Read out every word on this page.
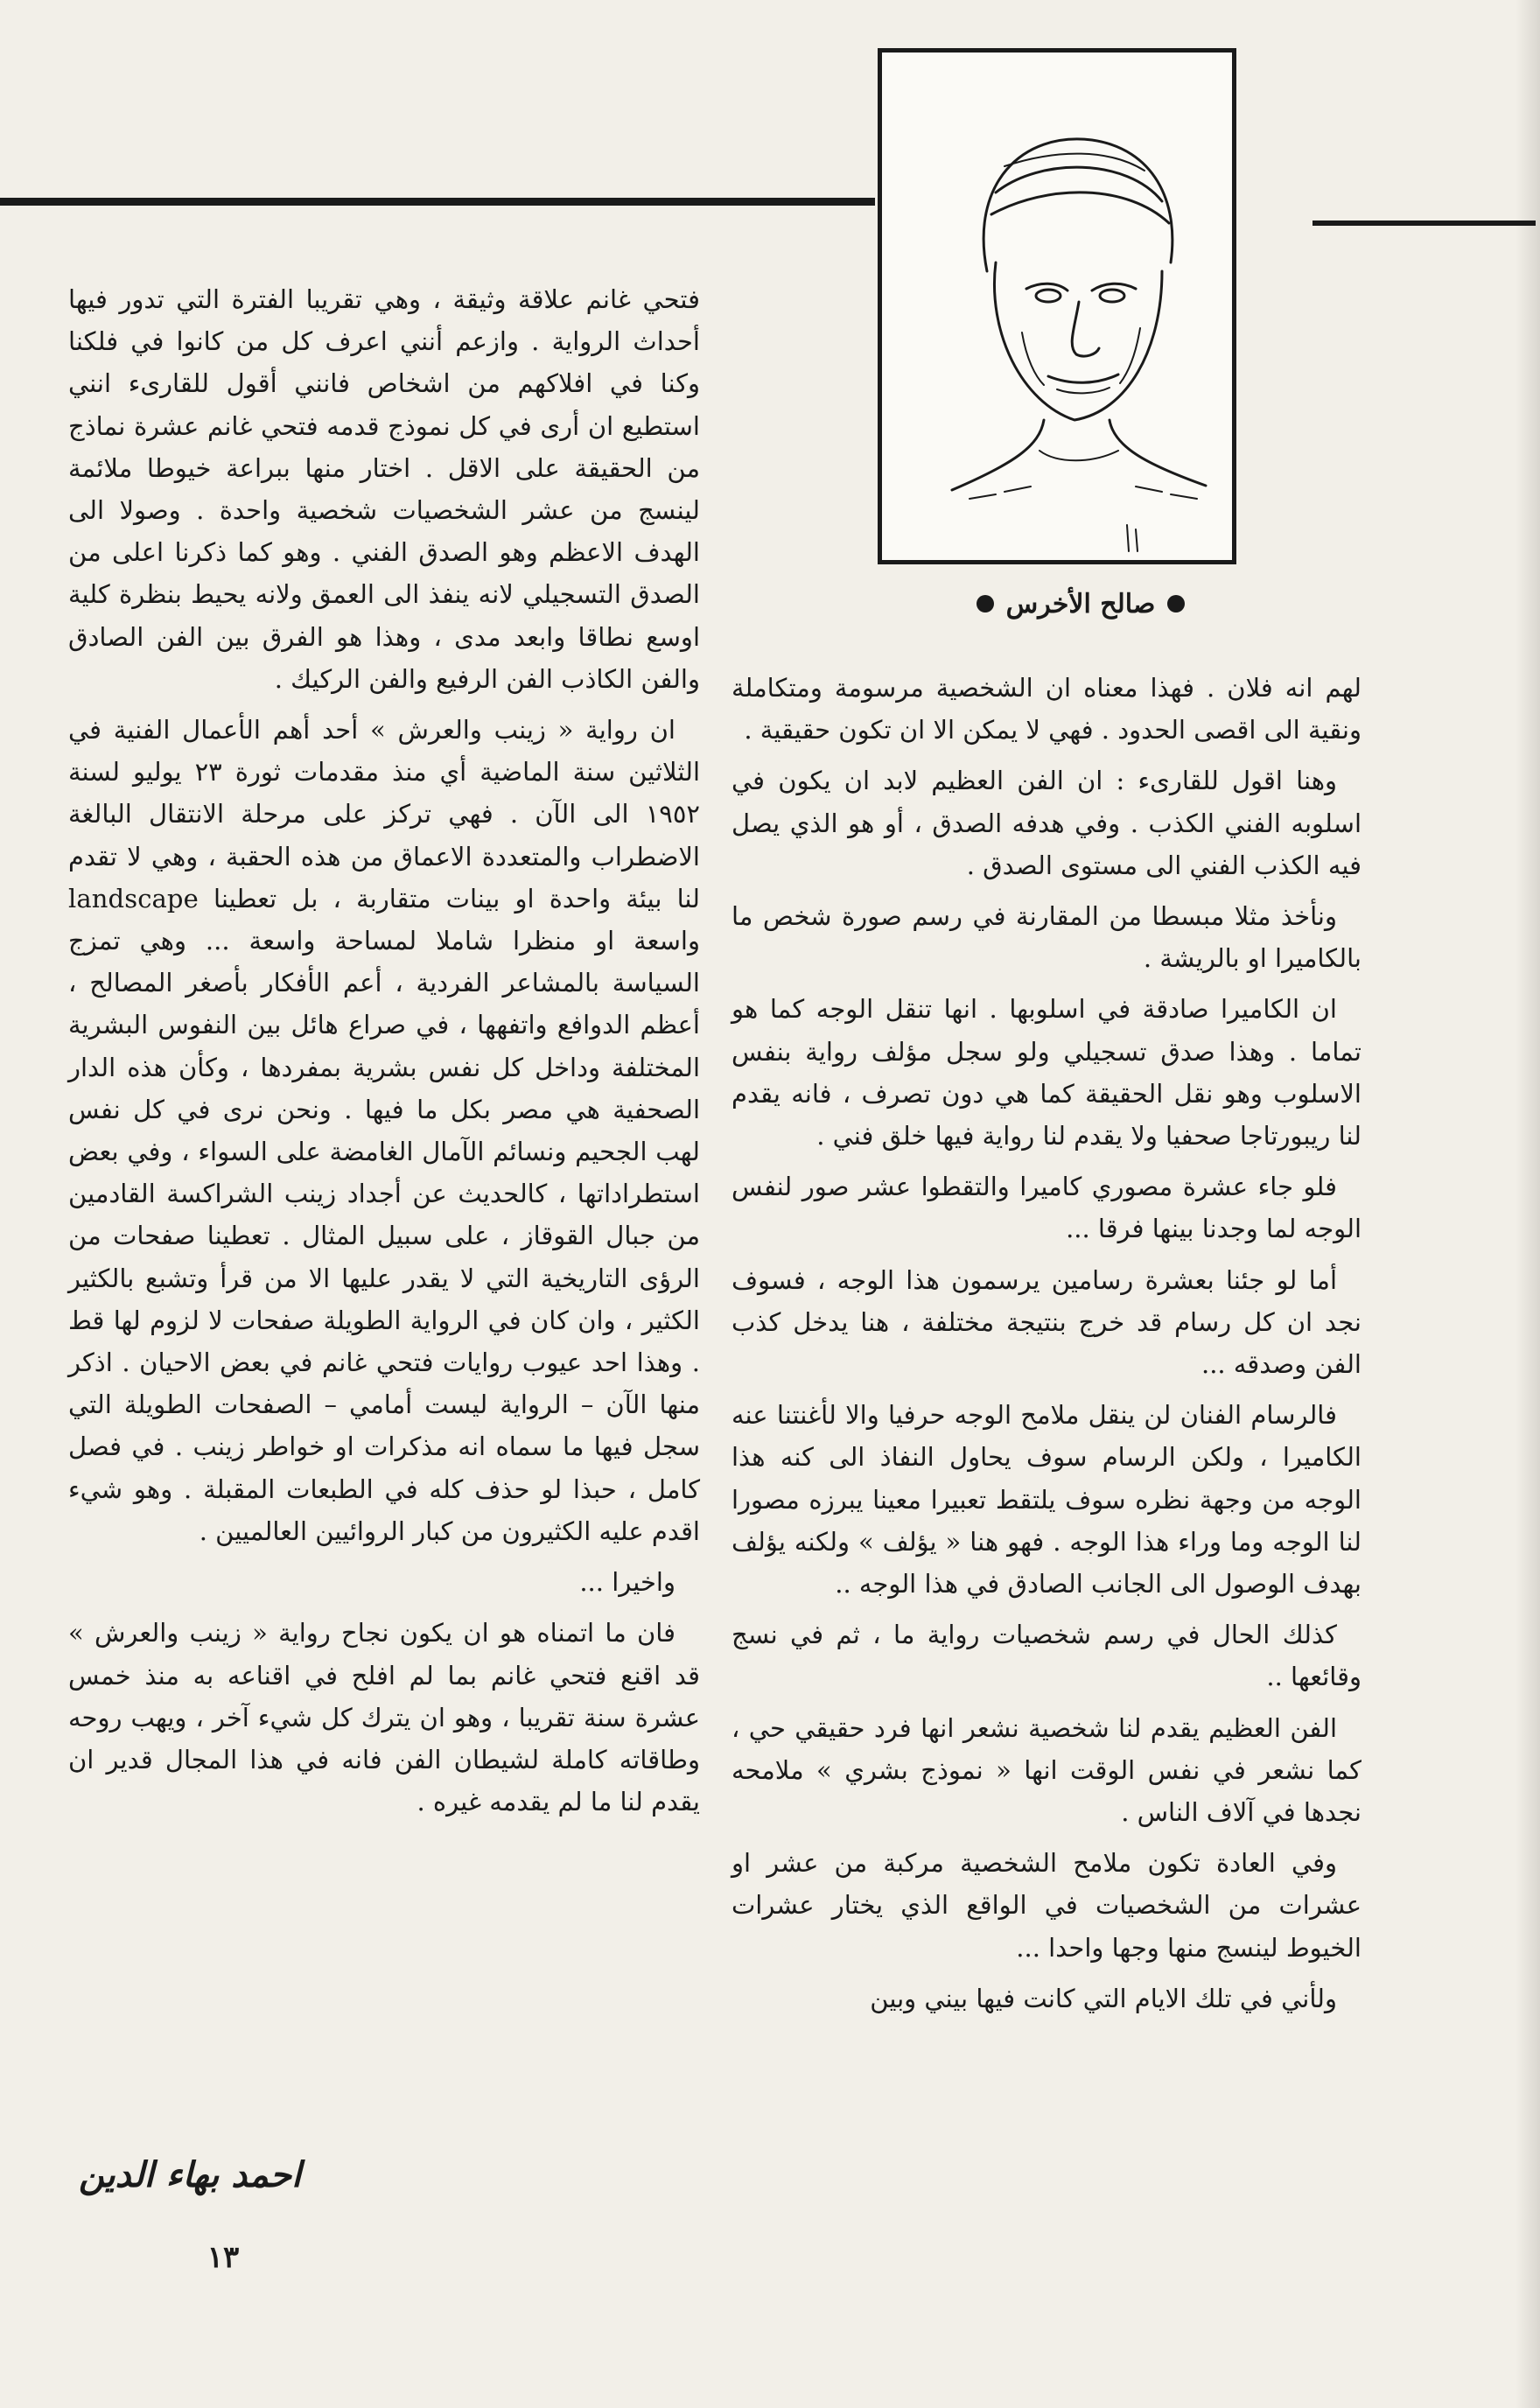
صالح الأخرس

فتحي غانم علاقة وثيقة ، وهي تقريبا الفترة التي تدور فيها أحداث الرواية . وازعم أنني اعرف كل من كانوا في فلكنا وكنا في افلاكهم من اشخاص فانني أقول للقارىء انني استطيع ان أرى في كل نموذج قدمه فتحي غانم عشرة نماذج من الحقيقة على الاقل . اختار منها ببراعة خيوطا ملائمة لينسج من عشر الشخصيات شخصية واحدة . وصولا الى الهدف الاعظم وهو الصدق الفني . وهو كما ذكرنا اعلى من الصدق التسجيلي لانه ينفذ الى العمق ولانه يحيط بنظرة كلية اوسع نطاقا وابعد مدى ، وهذا هو الفرق بين الفن الصادق والفن الكاذب الفن الرفيع والفن الركيك .

ان رواية « زينب والعرش » أحد أهم الأعمال الفنية في الثلاثين سنة الماضية أي منذ مقدمات ثورة ٢٣ يوليو لسنة ١٩٥٢ الى الآن . فهي تركز على مرحلة الانتقال البالغة الاضطراب والمتعددة الاعماق من هذه الحقبة ، وهي لا تقدم لنا بيئة واحدة او بينات متقاربة ، بل تعطينا landscape واسعة او منظرا شاملا لمساحة واسعة ... وهي تمزج السياسة بالمشاعر الفردية ، أعم الأفكار بأصغر المصالح ، أعظم الدوافع واتفهها ، في صراع هائل بين النفوس البشرية المختلفة وداخل كل نفس بشرية بمفردها ، وكأن هذه الدار الصحفية هي مصر بكل ما فيها . ونحن نرى في كل نفس لهب الجحيم ونسائم الآمال الغامضة على السواء ، وفي بعض استطراداتها ، كالحديث عن أجداد زينب الشراكسة القادمين من جبال القوقاز ، على سبيل المثال . تعطينا صفحات من الرؤى التاريخية التي لا يقدر عليها الا من قرأ وتشبع بالكثير الكثير ، وان كان في الرواية الطويلة صفحات لا لزوم لها قط . وهذا احد عيوب روايات فتحي غانم في بعض الاحيان . اذكر منها الآن – الرواية ليست أمامي – الصفحات الطويلة التي سجل فيها ما سماه انه مذكرات او خواطر زينب . في فصل كامل ، حبذا لو حذف كله في الطبعات المقبلة . وهو شيء اقدم عليه الكثيرون من كبار الروائيين العالميين .

واخيرا ...

فان ما اتمناه هو ان يكون نجاح رواية « زينب والعرش » قد اقنع فتحي غانم بما لم افلح في اقناعه به منذ خمس عشرة سنة تقريبا ، وهو ان يترك كل شيء آخر ، ويهب روحه وطاقاته كاملة لشيطان الفن فانه في هذا المجال قدير ان يقدم لنا ما لم يقدمه غيره .

لهم انه فلان . فهذا معناه ان الشخصية مرسومة ومتكاملة ونقية الى اقصى الحدود . فهي لا يمكن الا ان تكون حقيقية .

وهنا اقول للقارىء : ان الفن العظيم لابد ان يكون في اسلوبه الفني الكذب . وفي هدفه الصدق ، أو هو الذي يصل فيه الكذب الفني الى مستوى الصدق .

ونأخذ مثلا مبسطا من المقارنة في رسم صورة شخص ما بالكاميرا او بالريشة .

ان الكاميرا صادقة في اسلوبها . انها تنقل الوجه كما هو تماما . وهذا صدق تسجيلي ولو سجل مؤلف رواية بنفس الاسلوب وهو نقل الحقيقة كما هي دون تصرف ، فانه يقدم لنا ريبورتاجا صحفيا ولا يقدم لنا رواية فيها خلق فني .

فلو جاء عشرة مصوري كاميرا والتقطوا عشر صور لنفس الوجه لما وجدنا بينها فرقا ...

أما لو جئنا بعشرة رسامين يرسمون هذا الوجه ، فسوف نجد ان كل رسام قد خرج بنتيجة مختلفة ، هنا يدخل كذب الفن وصدقه ...

فالرسام الفنان لن ينقل ملامح الوجه حرفيا والا لأغنتنا عنه الكاميرا ، ولكن الرسام سوف يحاول النفاذ الى كنه هذا الوجه من وجهة نظره سوف يلتقط تعبيرا معينا يبرزه مصورا لنا الوجه وما وراء هذا الوجه . فهو هنا « يؤلف » ولكنه يؤلف بهدف الوصول الى الجانب الصادق في هذا الوجه ..

كذلك الحال في رسم شخصيات رواية ما ، ثم في نسج وقائعها ..

الفن العظيم يقدم لنا شخصية نشعر انها فرد حقيقي حي ، كما نشعر في نفس الوقت انها « نموذج بشري » ملامحه نجدها في آلاف الناس .

وفي العادة تكون ملامح الشخصية مركبة من عشر او عشرات من الشخصيات في الواقع الذي يختار عشرات الخيوط لينسج منها وجها واحدا ...

ولأني في تلك الايام التي كانت فيها بيني وبين

احمد بهاء الدين
١٣
